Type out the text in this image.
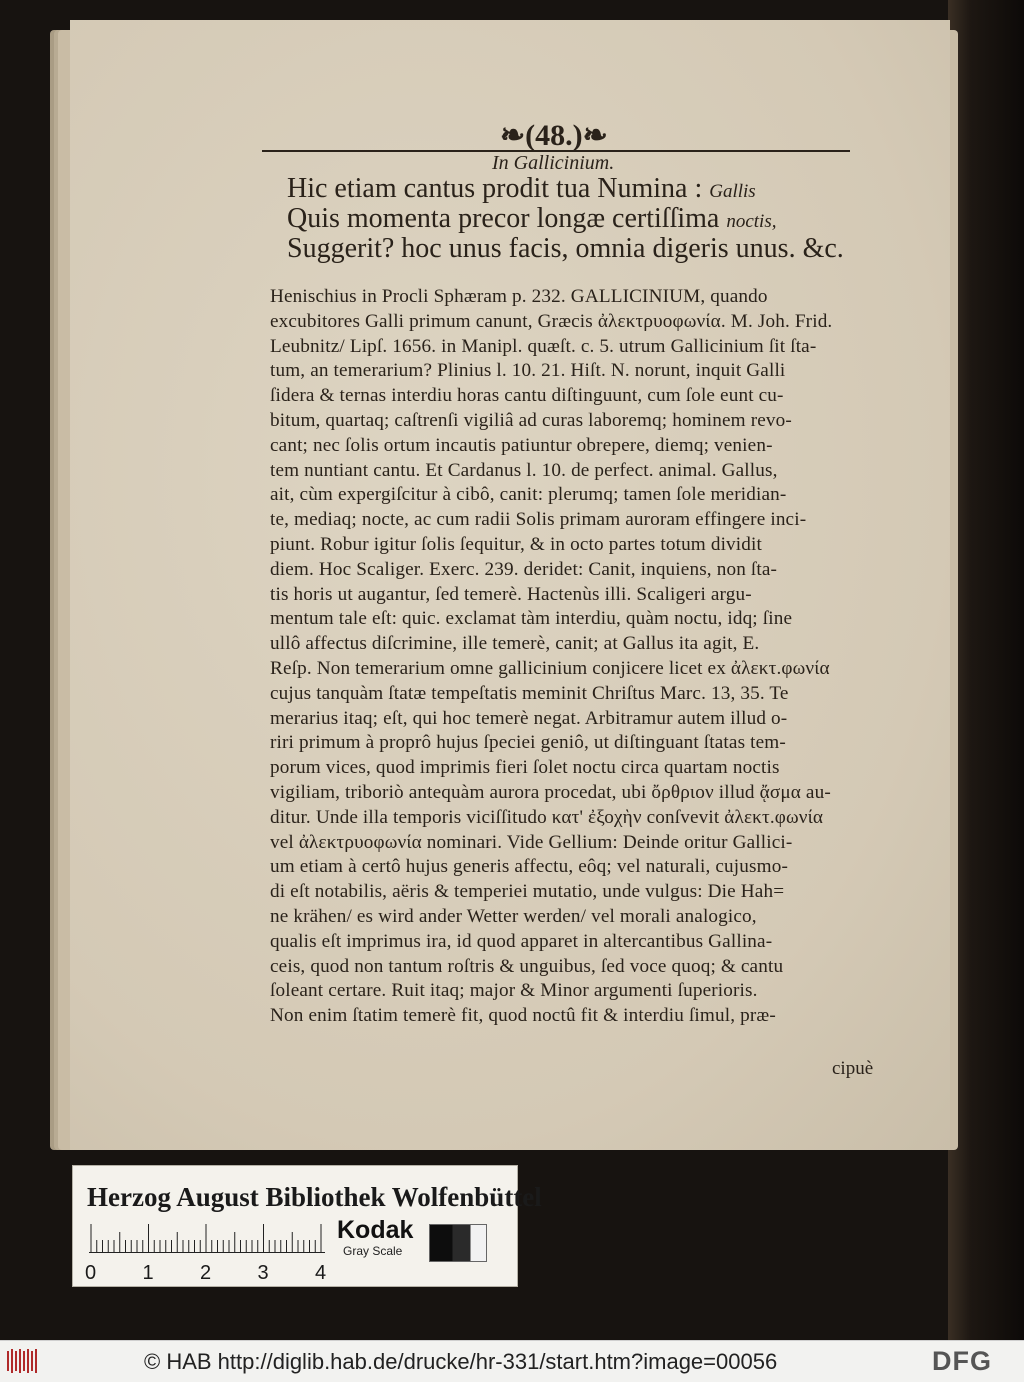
❧(48.)❧
In Gallicinium.
Hic etiam cantus prodit tua Numina : Gallis
Quis momenta precor longæ certiſſima noctis,
Suggerit? hoc unus facis, omnia digeris unus. &c.
Henischius in Procli Sphæram p. 232. GALLICINIUM, quando
excubitores Galli primum canunt, Græcis ἀλεκτρυοφωνία. M. Joh. Frid.
Leubnitz/ Lipſ. 1656. in Manipl. quæſt. c. 5. utrum Gallicinium ſit ſta-
tum, an temerarium? Plinius l. 10. 21. Hiſt. N. norunt, inquit Galli
ſidera & ternas interdiu horas cantu diſtinguunt, cum ſole eunt cu-
bitum, quartaq; caſtrenſi vigiliâ ad curas laboremq; hominem revo-
cant; nec ſolis ortum incautis patiuntur obrepere, diemq; venien-
tem nuntiant cantu. Et Cardanus l. 10. de perfect. animal. Gallus,
ait, cùm expergiſcitur à cibô, canit: plerumq; tamen ſole meridian-
te, mediaq; nocte, ac cum radii Solis primam auroram effingere inci-
piunt. Robur igitur ſolis ſequitur, & in octo partes totum dividit
diem. Hoc Scaliger. Exerc. 239. deridet: Canit, inquiens, non ſta-
tis horis ut augantur, ſed temerè. Hactenùs illi. Scaligeri argu-
mentum tale eſt: quic. exclamat tàm interdiu, quàm noctu, idq; ſine
ullô affectus diſcrimine, ille temerè, canit; at Gallus ita agit, E.
Reſp. Non temerarium omne gallicinium conjicere licet ex ἀλεκτ.φωνία
cujus tanquàm ſtatæ tempeſtatis meminit Chriſtus Marc. 13, 35. Te
merarius itaq; eſt, qui hoc temerè negat. Arbitramur autem illud o-
riri primum à proprô hujus ſpeciei geniô, ut diſtinguant ſtatas tem-
porum vices, quod imprimis fieri ſolet noctu circa quartam noctis
vigiliam, triboriò antequàm aurora procedat, ubi ὄρθριον illud ᾄσμα au-
ditur. Unde illa temporis viciſſitudo κατ' ἐξοχὴν conſvevit ἀλεκτ.φωνία
vel ἀλεκτρυοφωνία nominari. Vide Gellium: Deinde oritur Gallici-
um etiam à certô hujus generis affectu, eôq; vel naturali, cujusmo-
di eſt notabilis, aëris & temperiei mutatio, unde vulgus: Die Hah=
ne krähen/ es wird ander Wetter werden/ vel morali analogico,
qualis eſt imprimus ira, id quod apparet in altercantibus Gallina-
ceis, quod non tantum roſtris & unguibus, ſed voce quoq; & cantu
ſoleant certare. Ruit itaq; major & Minor argumenti ſuperioris.
Non enim ſtatim temerè fit, quod noctû fit & interdiu ſimul, præ-
cipuè
Herzog August Bibliothek Wolfenbüttel
0 1 2 3 4
Kodak
Gray Scale
© HAB http://diglib.hab.de/drucke/hr-331/start.htm?image=00056	DFG
